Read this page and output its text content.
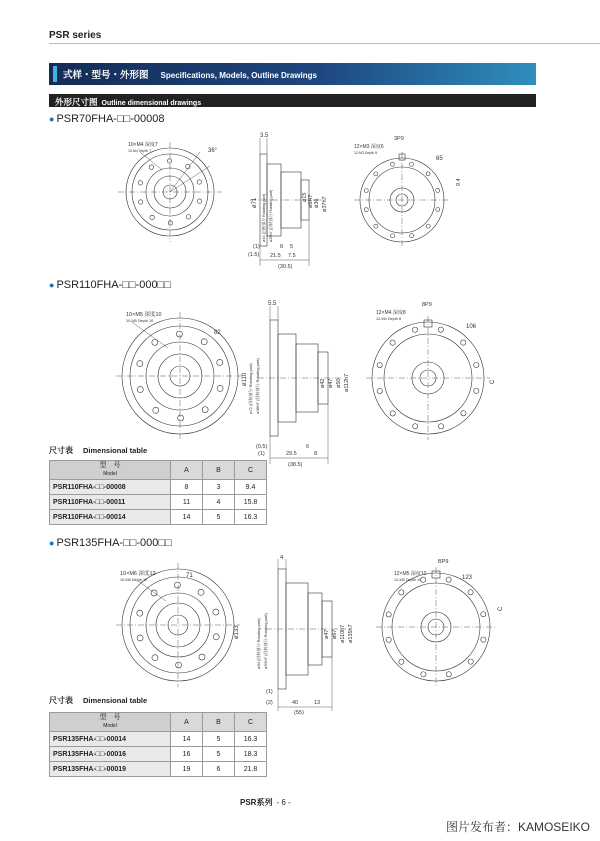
PSR series
式样・型号・外形图 Specifications, Models, Outline Drawings
外形尺寸图 Outline dimensional drawings
● PSR70FHA-□□-00008
10×M4 深度7
10-M4 Depth 7	36°
3.5
ø71 ø44 (回转部分 Rotating part) ø25h7 (回转部分 Rotating part)	ø6H7 ø36 ø37h7
ø15
(1)
(1.5)
8
21.5
5
7.5
(30.5)
3P9
12×M3 深度6
12-M3 Depth 6
65
9.4
● PSR110FHA-□□-000□□
10×M5 深度10
10-M5 Depth 10
82
5.5
ø110 ø72 (回转部分 Rotating part) ø38H7 (回转部分 Rotating part)	ø42 ø47 ø50 ø112h7
(0.5)
(1)	29.5
6
8
(38.5)
8P9
12×M4 深度8
12-M4 Depth 8
106
C
尺寸表 Dimensional table
型　号
Model	A	B	C
PSR110FHA-□□-00008	8	3	9.4
PSR110FHA-□□-00011	11	4	15.8
PSR110FHA-□□-00014	14	5	16.3
● PSR135FHA-□□-000□□
10×M6 深度12
10-M6 Depth 12
71
4
ø133	ø84 (回转部分 Rotating part) ø50H7 (回转部分 Rotating part)	ø47 ø67 ø110h7 ø135h7
(1)
(2)	40	13
(55)
BP9
12×M5 深度10
12-M5 Depth 10	123
C
尺寸表 Dimensional table
型　号
Model	A	B	C
PSR135FHA-□□-00014	14	5	16.3
PSR135FHA-□□-00016	16	5	18.3
PSR135FHA-□□-00019	19	6	21.8
PSR系列 - 6 -
图片发布者：KAMOSEIKO
